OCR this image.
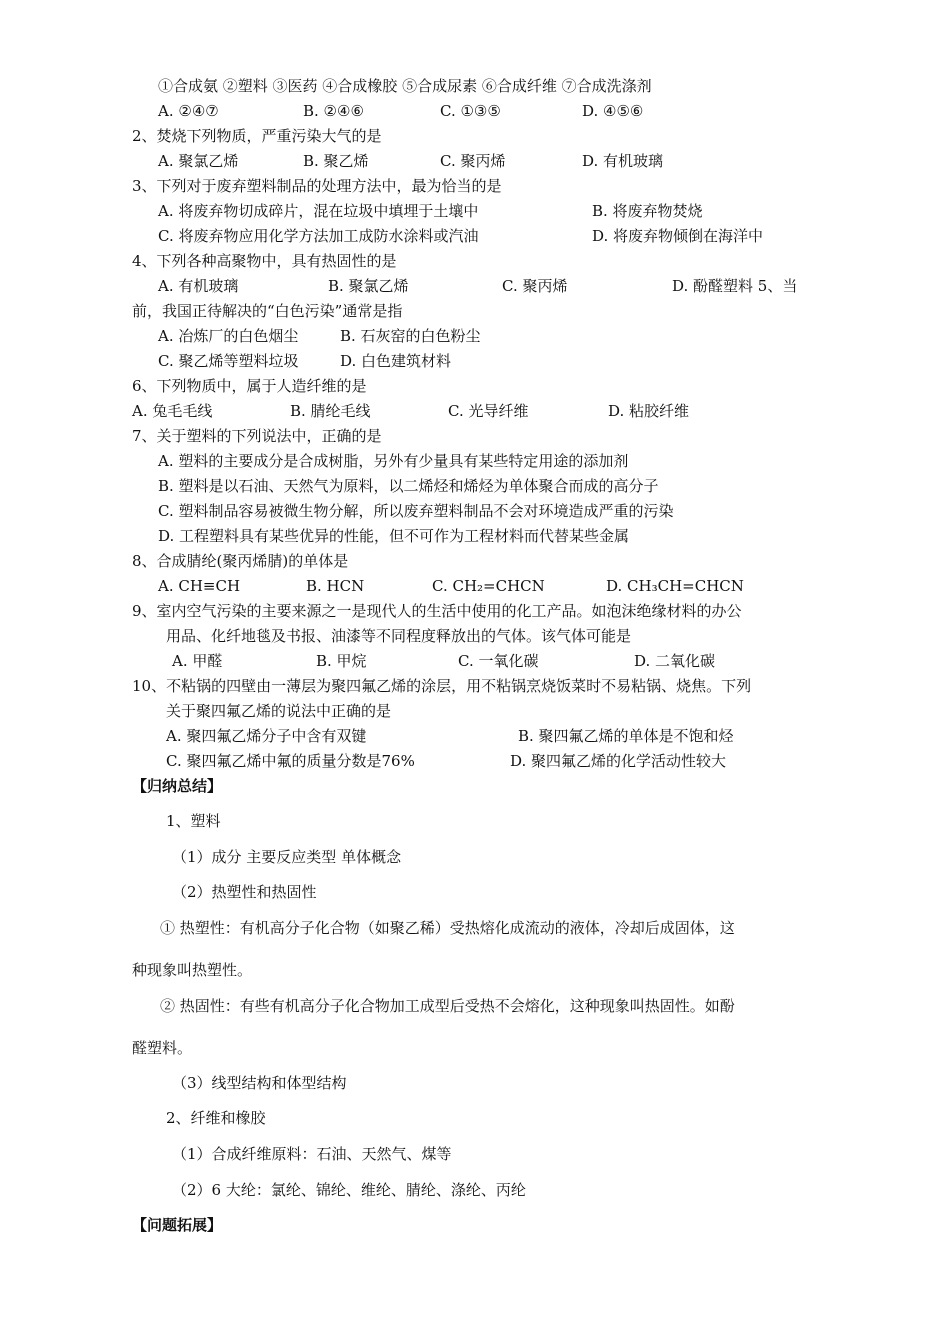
①合成氨 ②塑料 ③医药 ④合成橡胶 ⑤合成尿素 ⑥合成纤维 ⑦合成洗涤剂
A. ②④⑦	B. ②④⑥	C. ①③⑤	D. ④⑤⑥
2、焚烧下列物质，严重污染大气的是
A. 聚氯乙烯	B. 聚乙烯	C. 聚丙烯	D. 有机玻璃
3、下列对于废弃塑料制品的处理方法中，最为恰当的是
A. 将废弃物切成碎片，混在垃圾中填埋于土壤中	B. 将废弃物焚烧
C. 将废弃物应用化学方法加工成防水涂料或汽油	D. 将废弃物倾倒在海洋中
4、下列各种高聚物中，具有热固性的是
A. 有机玻璃	B. 聚氯乙烯	C. 聚丙烯	D. 酚醛塑料 5、当
前，我国正待解决的“白色污染”通常是指
A. 冶炼厂的白色烟尘	B. 石灰窑的白色粉尘
C. 聚乙烯等塑料垃圾	D. 白色建筑材料
6、下列物质中，属于人造纤维的是
A. 兔毛毛线	B. 腈纶毛线	C. 光导纤维	D. 粘胶纤维
7、关于塑料的下列说法中，正确的是
A. 塑料的主要成分是合成树脂，另外有少量具有某些特定用途的添加剂
B. 塑料是以石油、天然气为原料，以二烯烃和烯烃为单体聚合而成的高分子
C. 塑料制品容易被微生物分解，所以废弃塑料制品不会对环境造成严重的污染
D. 工程塑料具有某些优异的性能，但不可作为工程材料而代替某些金属
8、合成腈纶(聚丙烯腈)的单体是
A. CH≡CH	B. HCN	C. CH₂=CHCN	D. CH₃CH=CHCN
9、室内空气污染的主要来源之一是现代人的生活中使用的化工产品。如泡沫绝缘材料的办公
用品、化纤地毯及书报、油漆等不同程度释放出的气体。该气体可能是
A. 甲醛	B. 甲烷	C. 一氧化碳	D. 二氧化碳
10、不粘锅的四壁由一薄层为聚四氟乙烯的涂层，用不粘锅烹烧饭菜时不易粘锅、烧焦。下列
关于聚四氟乙烯的说法中正确的是
A. 聚四氟乙烯分子中含有双键	B. 聚四氟乙烯的单体是不饱和烃
C. 聚四氟乙烯中氟的质量分数是76%	D. 聚四氟乙烯的化学活动性较大
【归纳总结】
1、塑料
（1）成分 主要反应类型 单体概念
（2）热塑性和热固性
① 热塑性：有机高分子化合物（如聚乙稀）受热熔化成流动的液体，冷却后成固体，这
种现象叫热塑性。
② 热固性：有些有机高分子化合物加工成型后受热不会熔化，这种现象叫热固性。如酚
醛塑料。
（3）线型结构和体型结构
2、纤维和橡胶
（1）合成纤维原料：石油、天然气、煤等
（2）6 大纶：氯纶、锦纶、维纶、腈纶、涤纶、丙纶
【问题拓展】
